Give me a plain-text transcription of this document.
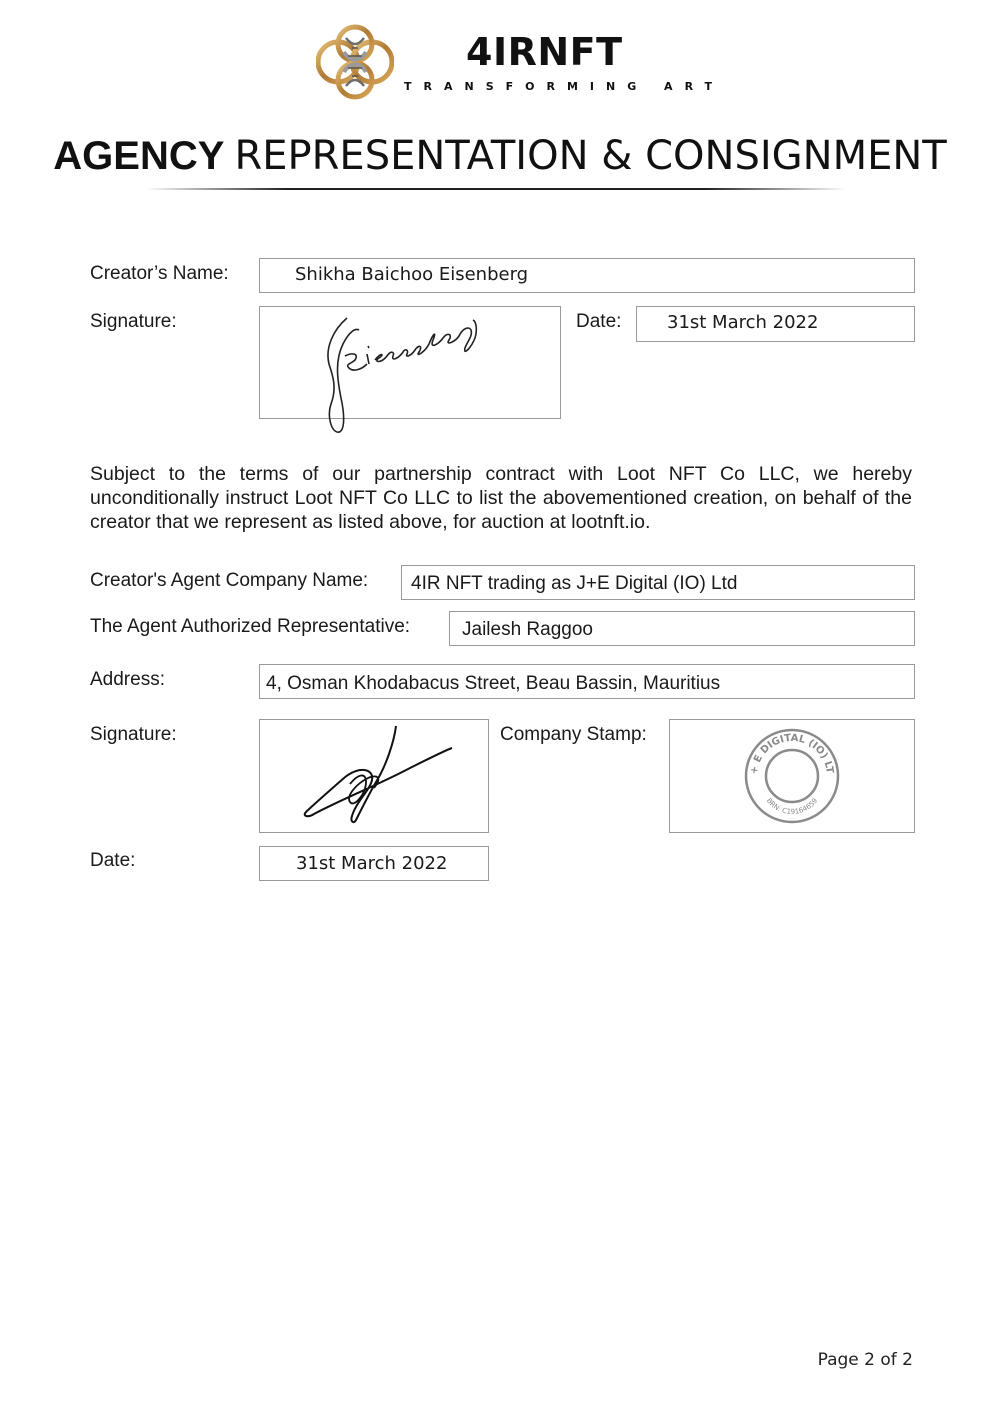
4IRNFT
TRANSFORMING ART
AGENCY REPRESENTATION & CONSIGNMENT
Creator’s Name:	Shikha Baichoo Eisenberg
Signature:	Date:	31st March 2022
Subject to the terms of our partnership contract with Loot NFT Co LLC, we hereby unconditionally instruct Loot NFT Co LLC to list the abovementioned creation, on behalf of the creator that we represent as listed above, for auction at lootnft.io.
Creator's Agent Company Name: 4IR NFT trading as J+E Digital (IO) Ltd
The Agent Authorized Representative:	Jailesh Raggoo
Address:	4, Osman Khodabacus Street, Beau Bassin, Mauritius
Signature:	Company Stamp:
+ E DIGITAL (IO) LT
BRN: C19164659
Date:	31st March 2022
Page 2 of 2
